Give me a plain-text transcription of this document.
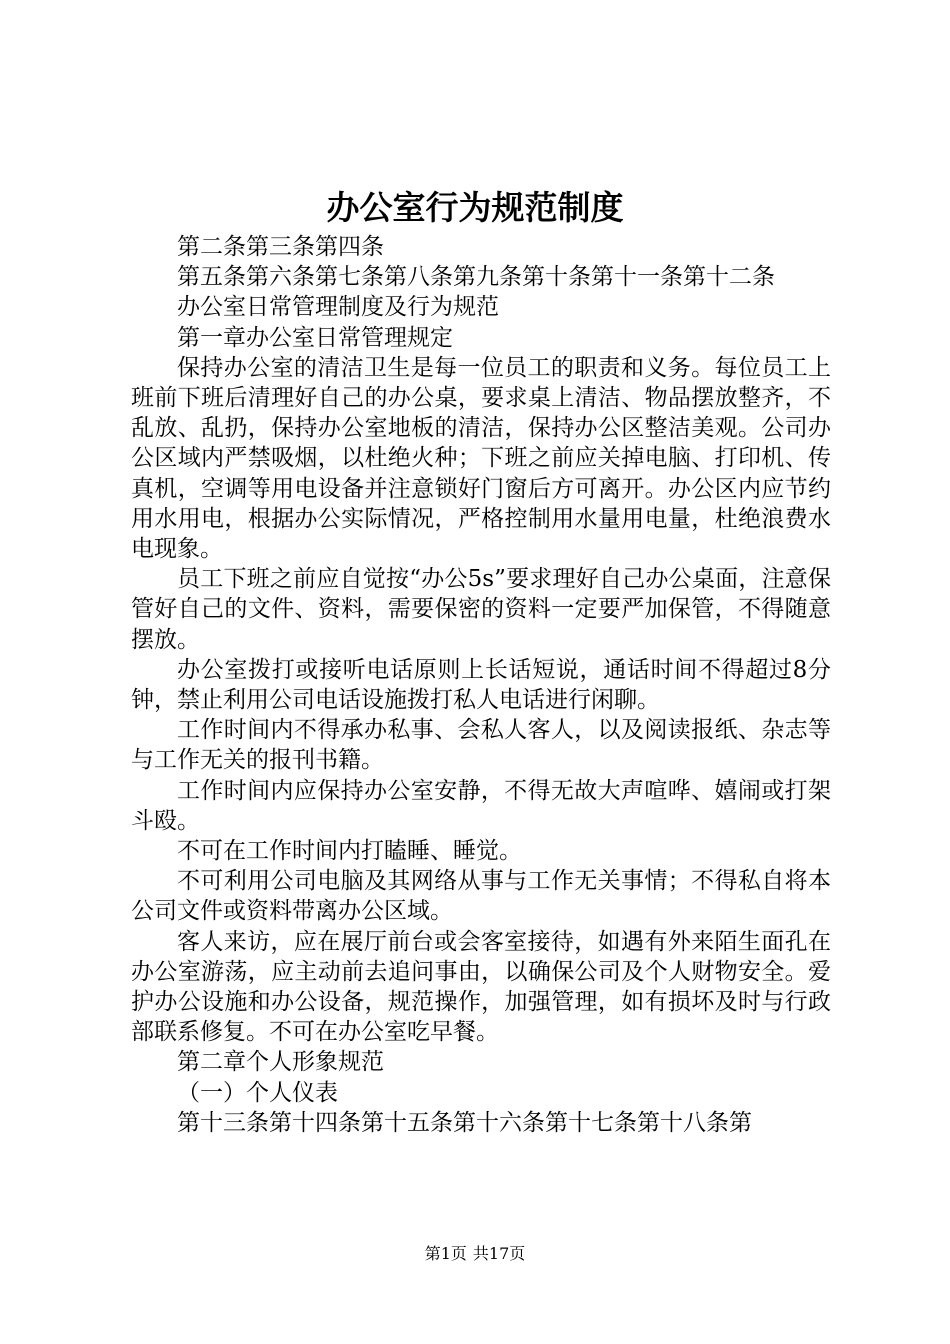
办公室行为规范制度

第二条第三条第四条

第五条第六条第七条第八条第九条第十条第十一条第十二条

办公室日常管理制度及行为规范

第一章办公室日常管理规定

保持办公室的清洁卫生是每一位员工的职责和义务。每位员工上班前下班后清理好自己的办公桌，要求桌上清洁、物品摆放整齐，不乱放、乱扔，保持办公室地板的清洁，保持办公区整洁美观。公司办公区域内严禁吸烟，以杜绝火种；下班之前应关掉电脑、打印机、传真机，空调等用电设备并注意锁好门窗后方可离开。办公区内应节约用水用电，根据办公实际情况，严格控制用水量用电量，杜绝浪费水电现象。

员工下班之前应自觉按“办公5s”要求理好自己办公桌面，注意保管好自己的文件、资料，需要保密的资料一定要严加保管，不得随意摆放。

办公室拨打或接听电话原则上长话短说，通话时间不得超过8分钟，禁止利用公司电话设施拨打私人电话进行闲聊。

工作时间内不得承办私事、会私人客人，以及阅读报纸、杂志等与工作无关的报刊书籍。

工作时间内应保持办公室安静，不得无故大声喧哗、嬉闹或打架斗殴。

不可在工作时间内打瞌睡、睡觉。

不可利用公司电脑及其网络从事与工作无关事情；不得私自将本公司文件或资料带离办公区域。

客人来访，应在展厅前台或会客室接待，如遇有外来陌生面孔在办公室游荡，应主动前去追问事由，以确保公司及个人财物安全。爱护办公设施和办公设备，规范操作，加强管理，如有损坏及时与行政部联系修复。不可在办公室吃早餐。

第二章个人形象规范

（一）个人仪表

第十三条第十四条第十五条第十六条第十七条第十八条第

第1页 共17页
